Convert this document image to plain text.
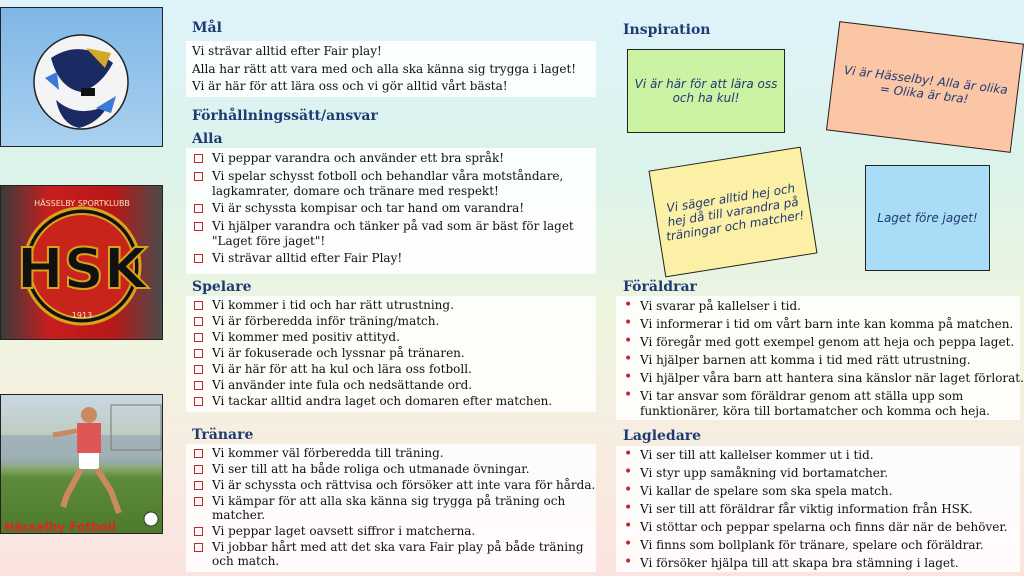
HÄSSELBY SPORTKLUBB
HSK
1913
Hässelby Fotboll
Mål
Vi strävar alltid efter Fair play!
Alla har rätt att vara med och alla ska känna sig trygga i laget!
Vi är här för att lära oss och vi gör alltid vårt bästa!
Förhållningssätt/ansvar
Alla
Vi peppar varandra och använder ett bra språk!
Vi spelar schysst fotboll och behandlar våra motståndare,
lagkamrater, domare och tränare med respekt!
Vi är schyssta kompisar och tar hand om varandra!
Vi hjälper varandra och tänker på vad som är bäst för laget
"Laget före jaget"!
Vi strävar alltid efter Fair Play!
Spelare
Vi kommer i tid och har rätt utrustning.
Vi är förberedda inför träning/match.
Vi kommer med positiv attityd.
Vi är fokuserade och lyssnar på tränaren.
Vi är här för att ha kul och lära oss fotboll.
Vi använder inte fula och nedsättande ord.
Vi tackar alltid andra laget och domaren efter matchen.
Tränare
Vi kommer väl förberedda till träning.
Vi ser till att ha både roliga och utmanade övningar.
Vi är schyssta och rättvisa och försöker att inte vara för hårda.
Vi kämpar för att alla ska känna sig trygga på träning och
matcher.
Vi peppar laget oavsett siffror i matcherna.
Vi jobbar hårt med att det ska vara Fair play på både träning
och match.
Inspiration
Vi är här för att lära oss och ha kul!
Vi är Hässelby! Alla är olika = Olika är bra!
Vi säger alltid hej och hej då till varandra på träningar och matcher!	Laget före jaget!
Föräldrar
• Vi svarar på kallelser i tid.
• Vi informerar i tid om vårt barn inte kan komma på matchen.
• Vi föregår med gott exempel genom att heja och peppa laget.
• Vi hjälper barnen att komma i tid med rätt utrustning.
• Vi hjälper våra barn att hantera sina känslor när laget förlorat.
• Vi tar ansvar som föräldrar genom att ställa upp som
funktionärer, köra till bortamatcher och komma och heja.
Lagledare
• Vi ser till att kallelser kommer ut i tid.
• Vi styr upp samåkning vid bortamatcher.
• Vi kallar de spelare som ska spela match.
• Vi ser till att föräldrar får viktig information från HSK.
• Vi stöttar och peppar spelarna och finns där när de behöver.
• Vi finns som bollplank för tränare, spelare och föräldrar.
• Vi försöker hjälpa till att skapa bra stämning i laget.
